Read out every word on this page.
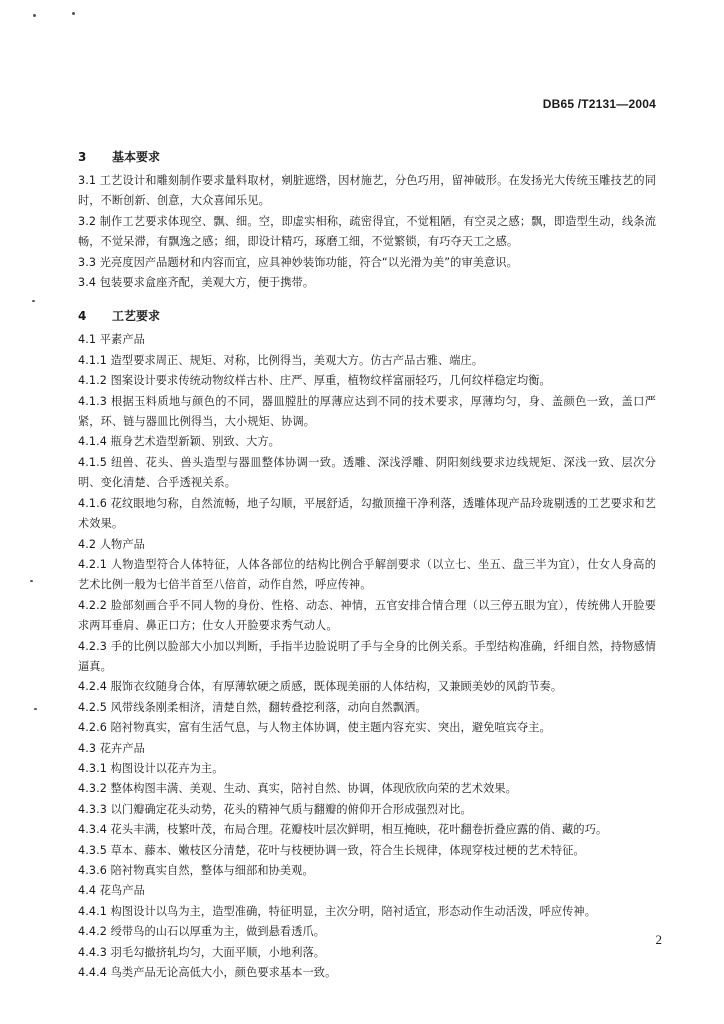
DB65 /T2131—2004
3 基本要求

3.1 工艺设计和雕刻制作要求量料取材，剜脏遮绺，因材施艺，分色巧用，留神破形。在发扬光大传统玉雕技艺的同时，不断创新、创意，大众喜闻乐见。

3.2 制作工艺要求体现空、飘、细。空，即虚实相称，疏密得宜，不觉粗陋，有空灵之感；飘，即造型生动，线条流畅，不觉呆滞，有飘逸之感；细，即设计精巧，琢磨工细，不觉繁锁，有巧夺天工之感。

3.3 光亮度因产品题材和内容而宜，应具神妙装饰功能，符合“以光滑为美”的审美意识。

3.4 包装要求盒座齐配，美观大方，便于携带。

4 工艺要求

4.1 平素产品

4.1.1 造型要求周正、规矩、对称，比例得当，美观大方。仿古产品古雅、端庄。

4.1.2 图案设计要求传统动物纹样古朴、庄严、厚重，植物纹样富丽轻巧，几何纹样稳定均衡。

4.1.3 根据玉料质地与颜色的不同，器皿膛肚的厚薄应达到不同的技术要求，厚薄均匀，身、盖颜色一致，盖口严紧，环、链与器皿比例得当，大小规矩、协调。

4.1.4 瓶身艺术造型新颖、别致、大方。

4.1.5 纽兽、花头、兽头造型与器皿整体协调一致。透雕、深浅浮雕、阴阳刻线要求边线规矩、深浅一致、层次分明、变化清楚、合乎透视关系。

4.1.6 花纹眼地匀称，自然流畅，地子勾顺，平展舒适，勾撤顶撞干净利落，透雕体现产品玲珑剔透的工艺要求和艺术效果。

4.2 人物产品

4.2.1 人物造型符合人体特征，人体各部位的结构比例合乎解剖要求（以立七、坐五、盘三半为宜），仕女人身高的艺术比例一般为七倍半首至八倍首，动作自然，呼应传神。

4.2.2 脸部刻画合乎不同人物的身份、性格、动态、神情，五官安排合情合理（以三停五眼为宜），传统佛人开脸要求两耳垂肩、鼻正口方；仕女人开脸要求秀气动人。

4.2.3 手的比例以脸部大小加以判断，手指半边脸说明了手与全身的比例关系。手型结构准确，纤细自然，持物感情逼真。

4.2.4 服饰衣纹随身合体，有厚薄软硬之质感，既体现美丽的人体结构，又兼顾美妙的风韵节奏。

4.2.5 风带线条刚柔相济，清楚自然，翻转叠挖利落，动向自然飘洒。

4.2.6 陪衬物真实，富有生活气息，与人物主体协调，使主题内容充实、突出，避免喧宾夺主。

4.3 花卉产品

4.3.1 构图设计以花卉为主。

4.3.2 整体构图丰满、美观、生动、真实，陪衬自然、协调，体现欣欣向荣的艺术效果。

4.3.3 以门瓣确定花头动势，花头的精神气质与翻瓣的俯仰开合形成强烈对比。

4.3.4 花头丰满，枝繁叶茂，布局合理。花瓣枝叶层次鲜明，相互掩映，花叶翻卷折叠应露的俏、藏的巧。

4.3.5 草本、藤本、嫩枝区分清楚，花叶与枝梗协调一致，符合生长规律，体现穿枝过梗的艺术特征。

4.3.6 陪衬物真实自然，整体与细部和协美观。

4.4 花鸟产品

4.4.1 构图设计以鸟为主，造型准确，特征明显，主次分明，陪衬适宜，形态动作生动活泼，呼应传神。

4.4.2 绶带鸟的山石以厚重为主，做到悬看透爪。

4.4.3 羽毛勾撤挤轧均匀，大面平顺，小地利落。

4.4.4 鸟类产品无论高低大小，颜色要求基本一致。

2
